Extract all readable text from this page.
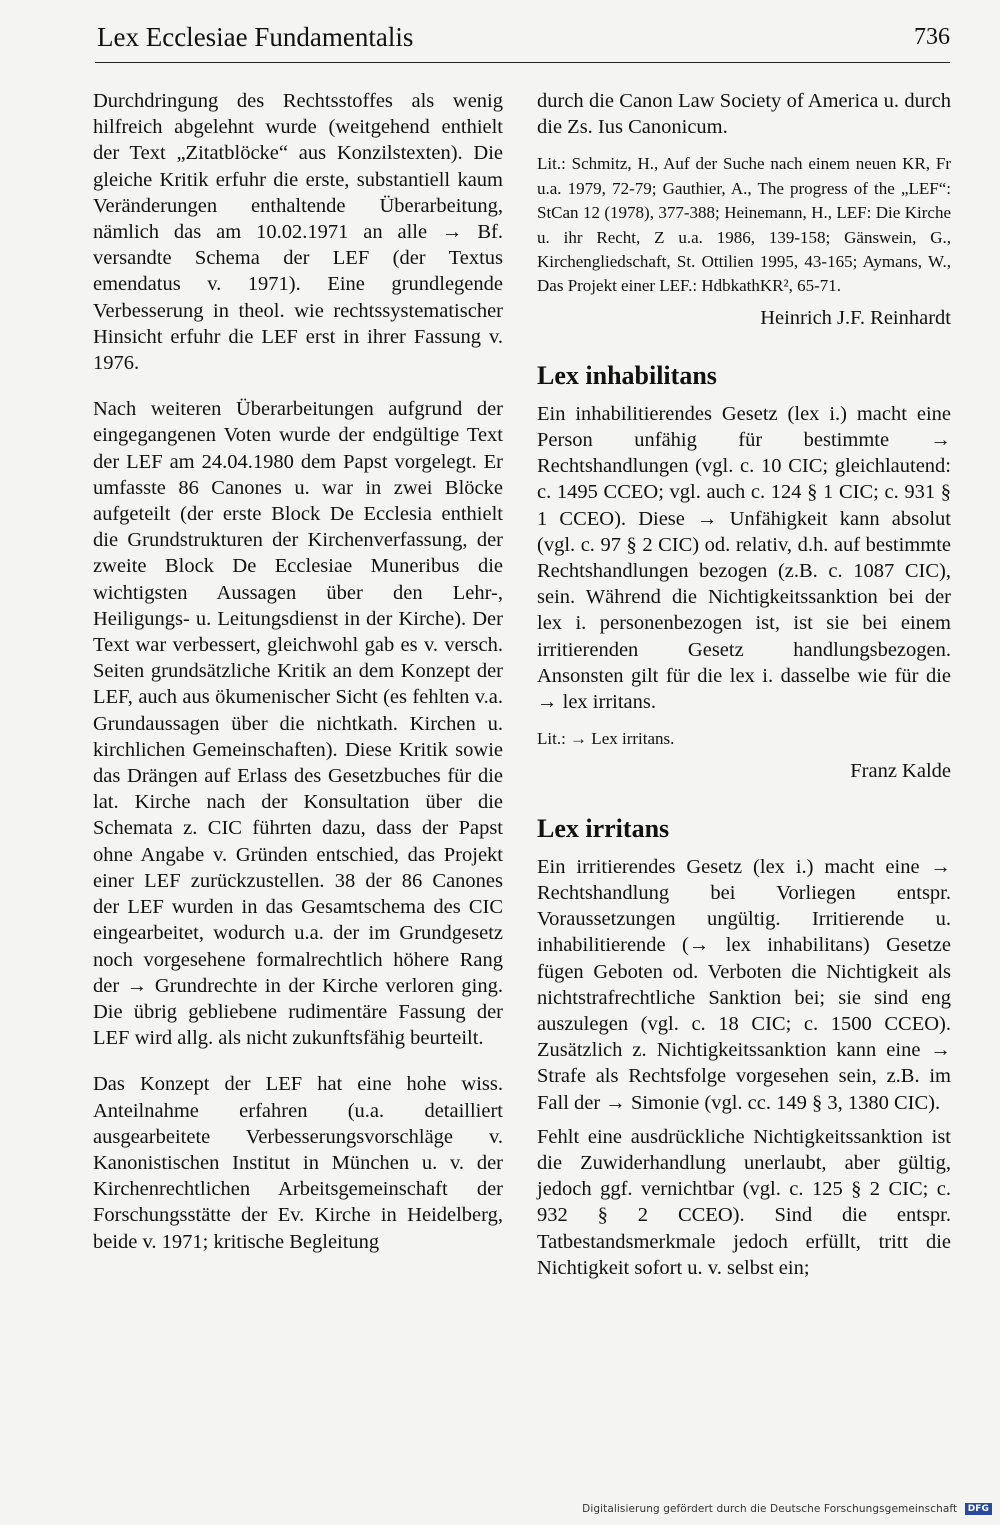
Lex Ecclesiae Fundamentalis	736

Durchdringung des Rechtsstoffes als wenig hilfreich abgelehnt wurde (weitgehend enthielt der Text „Zitatblöcke“ aus Konzilstexten). Die gleiche Kritik erfuhr die erste, substantiell kaum Veränderungen enthaltende Überarbeitung, nämlich das am 10.02.1971 an alle → Bf. versandte Schema der LEF (der Textus emendatus v. 1971). Eine grundlegende Verbesserung in theol. wie rechtssystematischer Hinsicht erfuhr die LEF erst in ihrer Fassung v. 1976.

Nach weiteren Überarbeitungen aufgrund der eingegangenen Voten wurde der endgültige Text der LEF am 24.04.1980 dem Papst vorgelegt. Er umfasste 86 Canones u. war in zwei Blöcke aufgeteilt (der erste Block De Ecclesia enthielt die Grundstrukturen der Kirchenverfassung, der zweite Block De Ecclesiae Muneribus die wichtigsten Aussagen über den Lehr-, Heiligungs- u. Leitungsdienst in der Kirche). Der Text war verbessert, gleichwohl gab es v. versch. Seiten grundsätzliche Kritik an dem Konzept der LEF, auch aus ökumenischer Sicht (es fehlten v.a. Grundaussagen über die nichtkath. Kirchen u. kirchlichen Gemeinschaften). Diese Kritik sowie das Drängen auf Erlass des Gesetzbuches für die lat. Kirche nach der Konsultation über die Schemata z. CIC führten dazu, dass der Papst ohne Angabe v. Gründen entschied, das Projekt einer LEF zurückzustellen. 38 der 86 Canones der LEF wurden in das Gesamtschema des CIC eingearbeitet, wodurch u.a. der im Grundgesetz noch vorgesehene formalrechtlich höhere Rang der → Grundrechte in der Kirche verloren ging. Die übrig gebliebene rudimentäre Fassung der LEF wird allg. als nicht zukunftsfähig beurteilt.

Das Konzept der LEF hat eine hohe wiss. Anteilnahme erfahren (u.a. detailliert ausgearbeitete Verbesserungsvorschläge v. Kanonistischen Institut in München u. v. der Kirchenrechtlichen Arbeitsgemeinschaft der Forschungsstätte der Ev. Kirche in Heidelberg, beide v. 1971; kritische Begleitung

durch die Canon Law Society of America u. durch die Zs. Ius Canonicum.

Lit.: Schmitz, H., Auf der Suche nach einem neuen KR, Fr u.a. 1979, 72-79; Gauthier, A., The progress of the „LEF“: StCan 12 (1978), 377-388; Heinemann, H., LEF: Die Kirche u. ihr Recht, Z u.a. 1986, 139-158; Gänswein, G., Kirchengliedschaft, St. Ottilien 1995, 43-165; Aymans, W., Das Projekt einer LEF.: HdbkathKR², 65-71.

Heinrich J.F. Reinhardt
Lex inhabilitans

Ein inhabilitierendes Gesetz (lex i.) macht eine Person unfähig für bestimmte → Rechtshandlungen (vgl. c. 10 CIC; gleichlautend: c. 1495 CCEO; vgl. auch c. 124 § 1 CIC; c. 931 § 1 CCEO). Diese → Unfähigkeit kann absolut (vgl. c. 97 § 2 CIC) od. relativ, d.h. auf bestimmte Rechtshandlungen bezogen (z.B. c. 1087 CIC), sein. Während die Nichtigkeitssanktion bei der lex i. personenbezogen ist, ist sie bei einem irritierenden Gesetz handlungsbezogen. Ansonsten gilt für die lex i. dasselbe wie für die → lex irritans.

Lit.: → Lex irritans.

Franz Kalde
Lex irritans

Ein irritierendes Gesetz (lex i.) macht eine → Rechtshandlung bei Vorliegen entspr. Voraussetzungen ungültig. Irritierende u. inhabilitierende (→ lex inhabilitans) Gesetze fügen Geboten od. Verboten die Nichtigkeit als nichtstrafrechtliche Sanktion bei; sie sind eng auszulegen (vgl. c. 18 CIC; c. 1500 CCEO). Zusätzlich z. Nichtigkeitssanktion kann eine → Strafe als Rechtsfolge vorgesehen sein, z.B. im Fall der → Simonie (vgl. cc. 149 § 3, 1380 CIC).

Fehlt eine ausdrückliche Nichtigkeitssanktion ist die Zuwiderhandlung unerlaubt, aber gültig, jedoch ggf. vernichtbar (vgl. c. 125 § 2 CIC; c. 932 § 2 CCEO). Sind die entspr. Tatbestandsmerkmale jedoch erfüllt, tritt die Nichtigkeit sofort u. v. selbst ein;

Digitalisierung gefördert durch die Deutsche Forschungsgemeinschaft DFG
